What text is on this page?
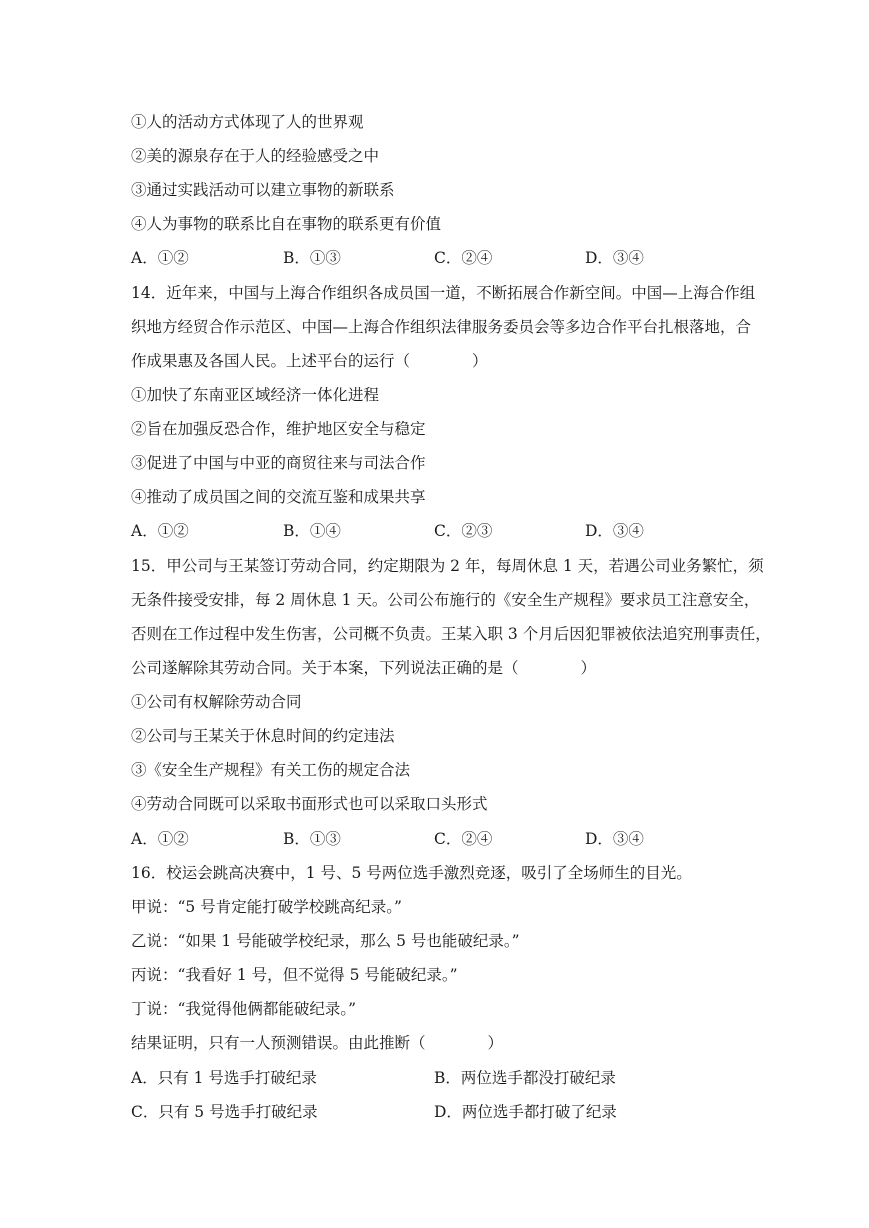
①人的活动方式体现了人的世界观
②美的源泉存在于人的经验感受之中
③通过实践活动可以建立事物的新联系
④人为事物的联系比自在事物的联系更有价值
A．①②	B．①③	C．②④	D．③④
14．近年来，中国与上海合作组织各成员国一道，不断拓展合作新空间。中国—上海合作组
织地方经贸合作示范区、中国—上海合作组织法律服务委员会等多边合作平台扎根落地，合
作成果惠及各国人民。上述平台的运行（　　　　）
①加快了东南亚区域经济一体化进程
②旨在加强反恐合作，维护地区安全与稳定
③促进了中国与中亚的商贸往来与司法合作
④推动了成员国之间的交流互鉴和成果共享
A．①②	B．①④	C．②③	D．③④
15．甲公司与王某签订劳动合同，约定期限为 2 年，每周休息 1 天，若遇公司业务繁忙，须
无条件接受安排，每 2 周休息 1 天。公司公布施行的《安全生产规程》要求员工注意安全，
否则在工作过程中发生伤害，公司概不负责。王某入职 3 个月后因犯罪被依法追究刑事责任，
公司遂解除其劳动合同。关于本案，下列说法正确的是（　　　　）
①公司有权解除劳动合同
②公司与王某关于休息时间的约定违法
③《安全生产规程》有关工伤的规定合法
④劳动合同既可以采取书面形式也可以采取口头形式
A．①②	B．①③	C．②④	D．③④
16．校运会跳高决赛中，1 号、5 号两位选手激烈竞逐，吸引了全场师生的目光。
甲说：“5 号肯定能打破学校跳高纪录。”
乙说：“如果 1 号能破学校纪录，那么 5 号也能破纪录。”
丙说：“我看好 1 号，但不觉得 5 号能破纪录。”
丁说：“我觉得他俩都能破纪录。”
结果证明，只有一人预测错误。由此推断（　　　　）
A．只有 1 号选手打破纪录	B．两位选手都没打破纪录
C．只有 5 号选手打破纪录	D．两位选手都打破了纪录
